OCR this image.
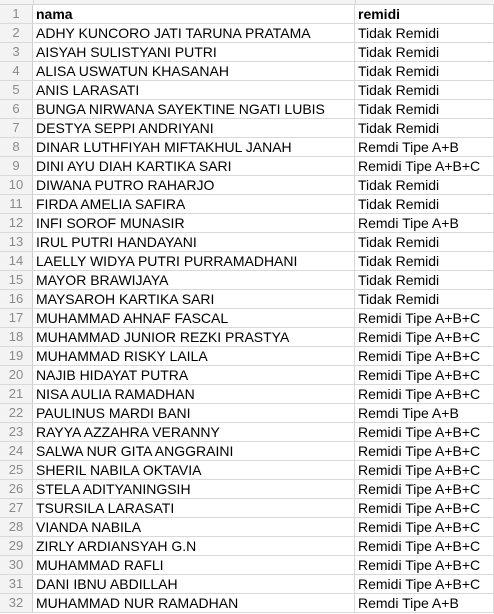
1	nama	remidi
2	ADHY KUNCORO JATI TARUNA PRATAMA	Tidak Remidi
3	AISYAH SULISTYANI PUTRI	Tidak Remidi
4	ALISA USWATUN KHASANAH	Tidak Remidi
5	ANIS LARASATI	Tidak Remidi
6	BUNGA NIRWANA SAYEKTINE NGATI LUBIS	Tidak Remidi
7	DESTYA SEPPI ANDRIYANI	Tidak Remidi
8	DINAR LUTHFIYAH MIFTAKHUL JANAH	Remdi Tipe A+B
9	DINI AYU DIAH KARTIKA SARI	Remidi Tipe A+B+C
10 DIWANA PUTRO RAHARJO	Tidak Remidi
11 FIRDA AMELIA SAFIRA	Tidak Remidi
12 INFI SOROF MUNASIR	Remdi Tipe A+B
13 IRUL PUTRI HANDAYANI	Tidak Remidi
14 LAELLY WIDYA PUTRI PURRAMADHANI	Tidak Remidi
15 MAYOR BRAWIJAYA	Tidak Remidi
16 MAYSAROH KARTIKA SARI	Tidak Remidi
17 MUHAMMAD AHNAF FASCAL	Remidi Tipe A+B+C
18 MUHAMMAD JUNIOR REZKI PRASTYA	Remidi Tipe A+B+C
19 MUHAMMAD RISKY LAILA	Remidi Tipe A+B+C
20 NAJIB HIDAYAT PUTRA	Remidi Tipe A+B+C
21 NISA AULIA RAMADHAN	Remidi Tipe A+B+C
22 PAULINUS MARDI BANI	Remdi Tipe A+B
23 RAYYA AZZAHRA VERANNY	Remidi Tipe A+B+C
24 SALWA NUR GITA ANGGRAINI	Remidi Tipe A+B+C
25 SHERIL NABILA OKTAVIA	Remidi Tipe A+B+C
26 STELA ADITYANINGSIH	Remidi Tipe A+B+C
27 TSURSILA LARASATI	Remidi Tipe A+B+C
28 VIANDA NABILA	Remidi Tipe A+B+C
29 ZIRLY ARDIANSYAH G.N	Remidi Tipe A+B+C
30 MUHAMMAD RAFLI	Remidi Tipe A+B+C
31 DANI IBNU ABDILLAH	Remidi Tipe A+B+C
32 MUHAMMAD NUR RAMADHAN	Remdi Tipe A+B
